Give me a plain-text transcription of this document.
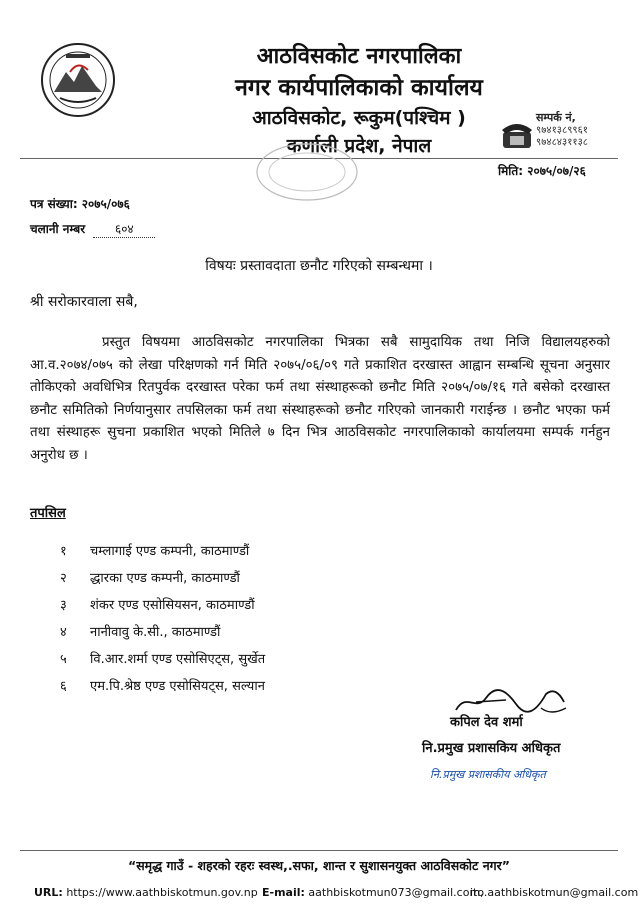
आठविसकोट नगरपालिका
नगर कार्यपालिकाको कार्यालय
आठविसकोट, रूकुम(पश्चिम )
कर्णाली प्रदेश, नेपाल
सम्पर्क नं,
९७४१३८९९६१
९७४८४३११३८
मिति: २०७५/०७/२६
पत्र संख्या: २०७५/०७६
चलानी नम्बर ६०४
विषयः प्रस्तावदाता छनौट गरिएको सम्बन्धमा ।
श्री सरोकारवाला सबै,

प्रस्तुत विषयमा आठविसकोट नगरपालिका भित्रका सबै सामुदायिक तथा निजि विद्यालयहरुको आ.व.२०७४/०७५ को लेखा परिक्षणको गर्न मिति २०७५/०६/०९ गते प्रकाशित दरखास्त आह्वान सम्बन्धि सूचना अनुसार तोकिएको अवधिभित्र रितपुर्वक दरखास्त परेका फर्म तथा संस्थाहरूको छनौट मिति २०७५/०७/१६ गते बसेको दरखास्त छनौट समितिको निर्णयानुसार तपसिलका फर्म तथा संस्थाहरूको छनौट गरिएको जानकारी गराईन्छ । छनौट भएका फर्म तथा संस्थाहरू सुचना प्रकाशित भएको मितिले ७ दिन भित्र आठविसकोट नगरपालिकाको कार्यालयमा सम्पर्क गर्नहुन अनुरोध छ ।

तपसिल
१	चम्लागाई एण्ड कम्पनी, काठमाण्डौं
२	द्धारका एण्ड कम्पनी, काठमाण्डौं
३	शंकर एण्ड एसोसियसन, काठमाण्डौं
४	नानीवावु के.सी., काठमाण्डौं
५	वि.आर.शर्मा एण्ड एसोसिएट्स, सुर्खेत
६	एम.पि.श्रेष्ठ एण्ड एसोसियट्स, सल्यान
कपिल देव शर्मा
नि.प्रमुख प्रशासकिय अधिकृत
नि.प्रमुख प्रशासकीय अधिकृत
“समृद्ध गाउँ - शहरको रहरः स्वस्थ,.सफा, शान्त र सुशासनयुक्त आठविसकोट नगर”
URL: https://www.aathbiskotmun.gov.np E-mail: aathbiskotmun073@gmail.com,
ito.aathbiskotmun@gmail.com
